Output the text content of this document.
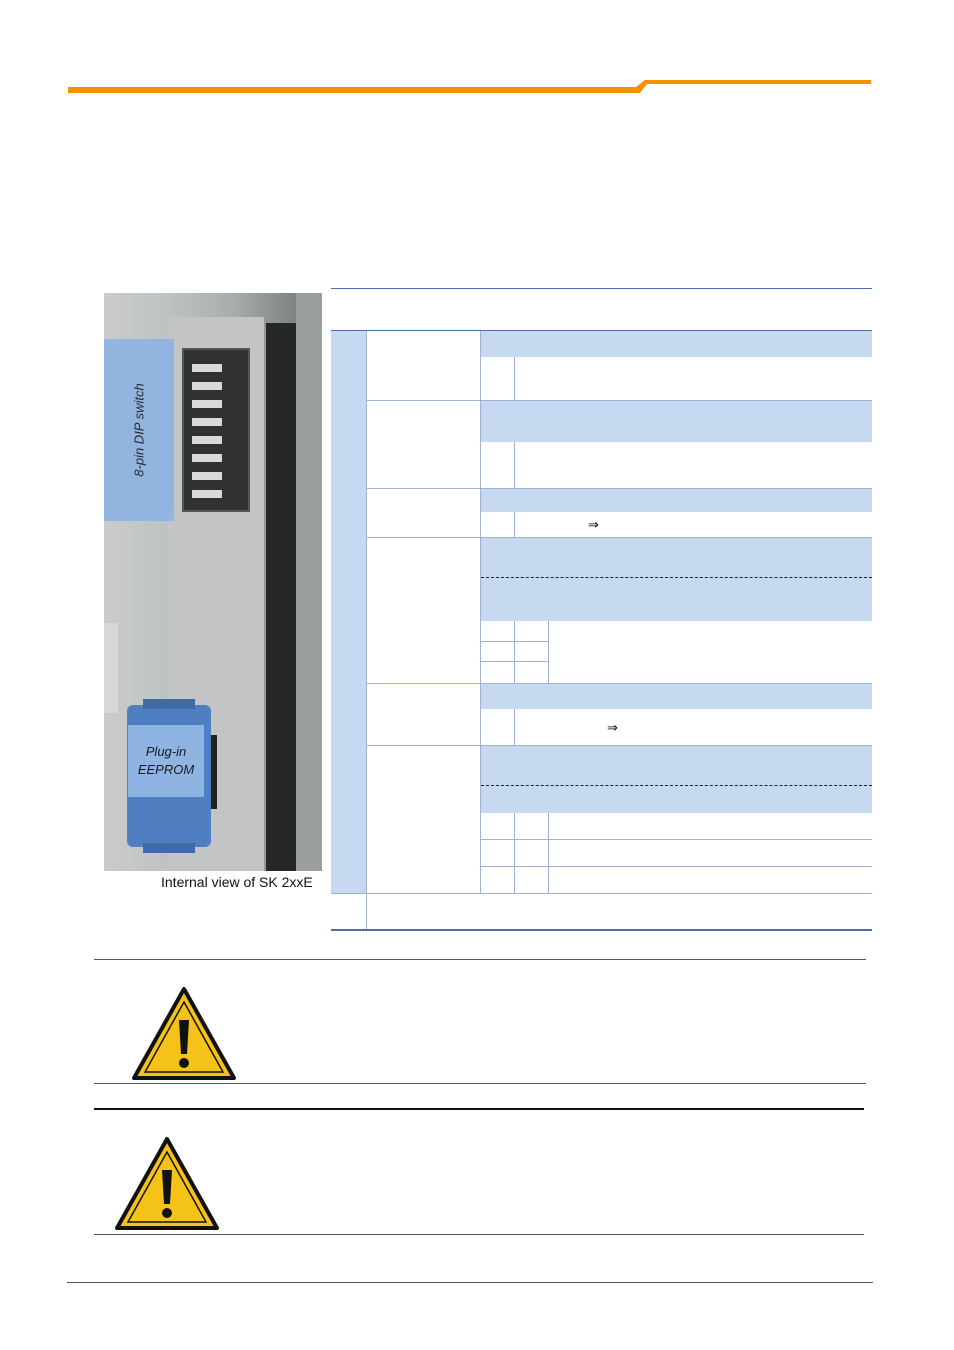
8-pin DIP switch
Plug-in
EEPROM
Internal view of SK 2xxE
⇒
⇒
